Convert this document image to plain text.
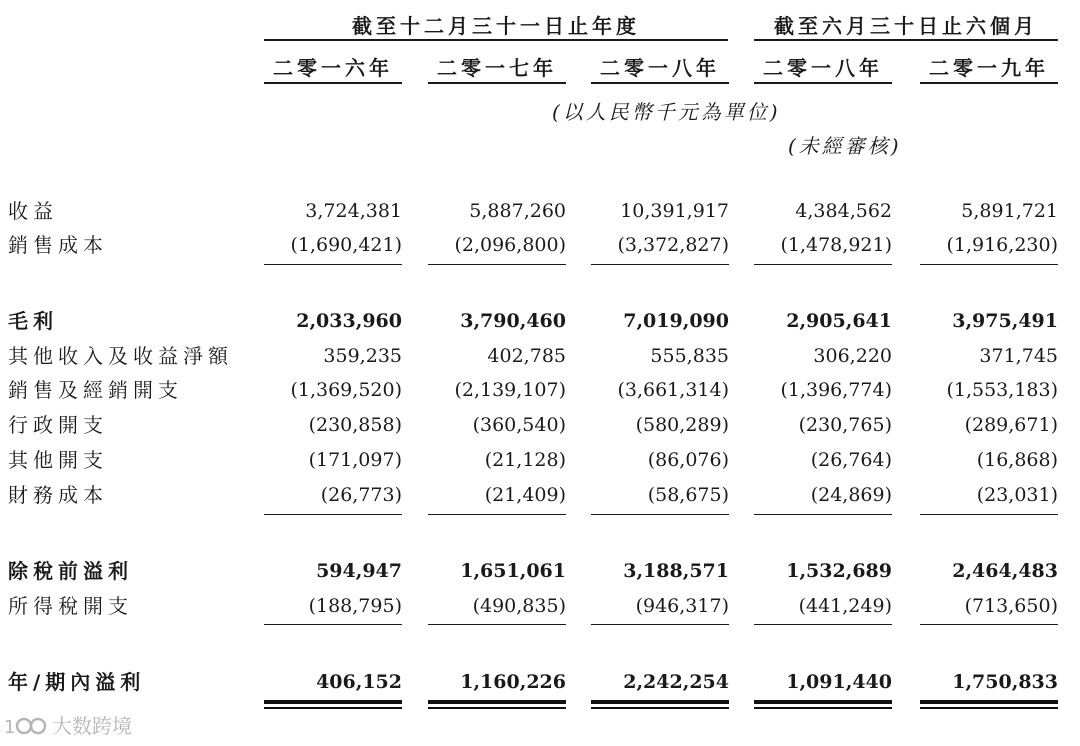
截至十二月三十一日止年度	截至六月三十日止六個月
二零一六年	二零一七年	二零一八年	二零一八年	二零一九年
(以人民幣千元為單位)
(未經審核)
收益	3,724,381	5,887,260	10,391,917	4,384,562	5,891,721
銷售成本	(1,690,421)	(2,096,800)	(3,372,827)	(1,478,921)	(1,916,230)
毛利	2,033,960	3,790,460	7,019,090	2,905,641	3,975,491
其他收入及收益淨額	359,235	402,785	555,835	306,220	371,745
銷售及經銷開支	(1,369,520)	(2,139,107)	(3,661,314)	(1,396,774)	(1,553,183)
行政開支	(230,858)	(360,540)	(580,289)	(230,765)	(289,671)
其他開支	(171,097)	(21,128)	(86,076)	(26,764)	(16,868)
財務成本	(26,773)	(21,409)	(58,675)	(24,869)	(23,031)
除稅前溢利	594,947	1,651,061	3,188,571	1,532,689	2,464,483
所得稅開支	(188,795)	(490,835)	(946,317)	(441,249)	(713,650)
年/期內溢利	406,152	1,160,226	2,242,254	1,091,440	1,750,833
1 大数跨境
